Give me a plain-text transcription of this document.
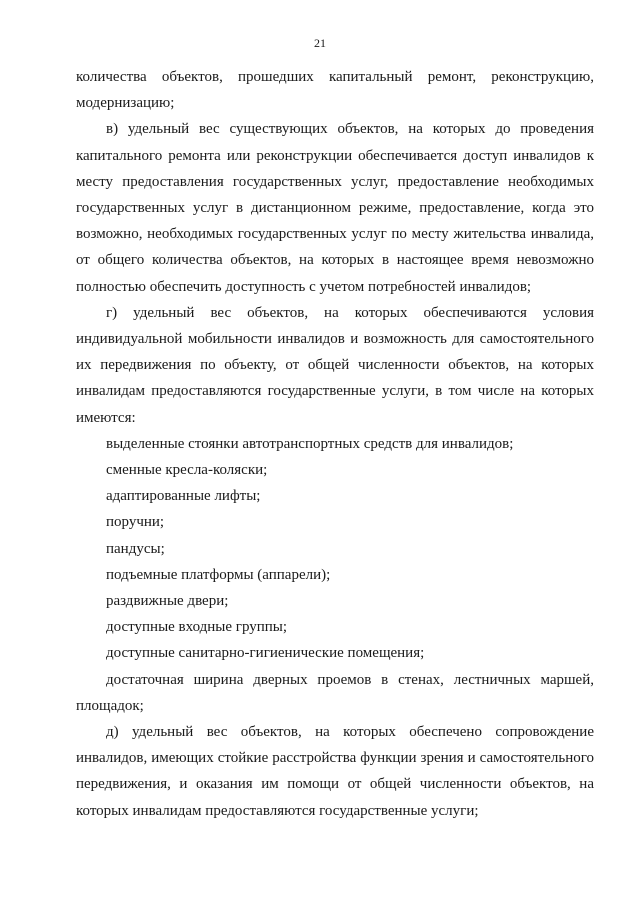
21

количества объектов, прошедших капитальный ремонт, реконструкцию, модернизацию;

в) удельный вес существующих объектов, на которых до проведения капитального ремонта или реконструкции обеспечивается доступ инвалидов к месту предоставления государственных услуг, предоставление необходимых государственных услуг в дистанционном режиме, предоставление, когда это возможно, необходимых государственных услуг по месту жительства инвалида, от общего количества объектов, на которых в настоящее время невозможно полностью обеспечить доступность с учетом потребностей инвалидов;

г) удельный вес объектов, на которых обеспечиваются условия индивидуальной мобильности инвалидов и возможность для самостоятельного их передвижения по объекту, от общей численности объектов, на которых инвалидам предоставляются государственные услуги, в том числе на которых имеются:

выделенные стоянки автотранспортных средств для инвалидов;

сменные кресла-коляски;

адаптированные лифты;

поручни;

пандусы;

подъемные платформы (аппарели);

раздвижные двери;

доступные входные группы;

доступные санитарно-гигиенические помещения;

достаточная ширина дверных проемов в стенах, лестничных маршей, площадок;

д) удельный вес объектов, на которых обеспечено сопровождение инвалидов, имеющих стойкие расстройства функции зрения и самостоятельного передвижения, и оказания им помощи от общей численности объектов, на которых инвалидам предоставляются государственные услуги;
